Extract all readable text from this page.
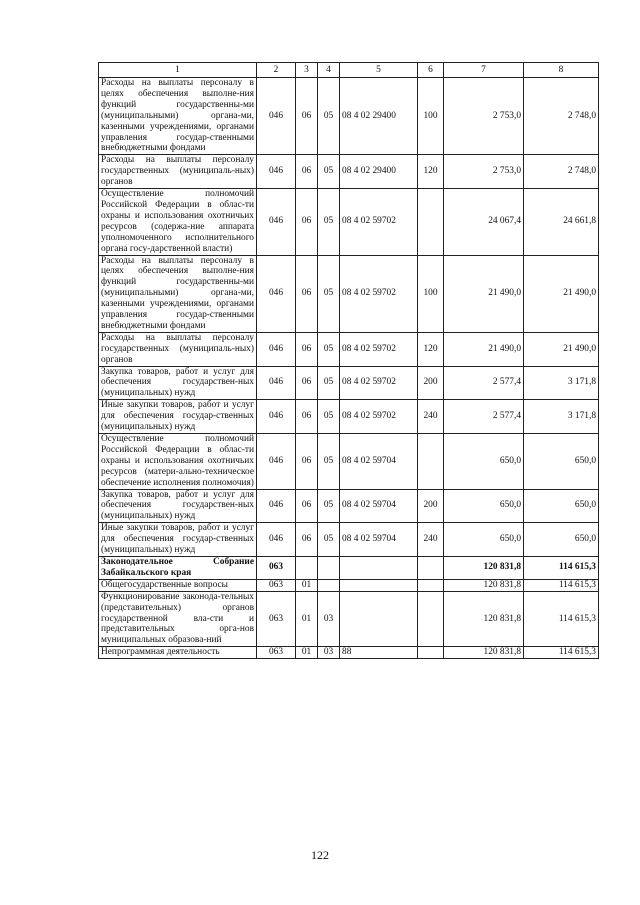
1	2	3	4	5	6	7	8
Расходы на выплаты персоналу в целях обеспечения выполне-ния функций государственны-ми (муниципальными) органа-ми, казенными учреждениями, органами управления государ-ственными внебюджетными фондами	046	06	05	08 4 02 29400	100	2 753,0	2 748,0
Расходы на выплаты персоналу государственных (муниципаль-ных) органов	046	06	05	08 4 02 29400	120	2 753,0	2 748,0
Осуществление полномочий Российской Федерации в облас-ти охраны и использования охотничьих ресурсов (содержа-ние аппарата уполномоченного исполнительного органа госу-дарственной власти)	046	06	05	08 4 02 59702		24 067,4	24 661,8
Расходы на выплаты персоналу в целях обеспечения выполне-ния функций государственны-ми (муниципальными) органа-ми, казенными учреждениями, органами управления государ-ственными внебюджетными фондами	046	06	05	08 4 02 59702	100	21 490,0	21 490,0
Расходы на выплаты персоналу государственных (муниципаль-ных) органов	046	06	05	08 4 02 59702	120	21 490,0	21 490,0
Закупка товаров, работ и услуг для обеспечения государствен-ных (муниципальных) нужд	046	06	05	08 4 02 59702	200	2 577,4	3 171,8
Иные закупки товаров, работ и услуг для обеспечения государ-ственных (муниципальных) нужд	046	06	05	08 4 02 59702	240	2 577,4	3 171,8
Осуществление полномочий Российской Федерации в облас-ти охраны и использования охотничьих ресурсов (матери-ально-техническое обеспечение исполнения полномочия)	046	06	05	08 4 02 59704		650,0	650,0
Закупка товаров, работ и услуг для обеспечения государствен-ных (муниципальных) нужд	046	06	05	08 4 02 59704	200	650,0	650,0
Иные закупки товаров, работ и услуг для обеспечения государ-ственных (муниципальных) нужд	046	06	05	08 4 02 59704	240	650,0	650,0
Законодательное Собрание Забайкальского края	063					120 831,8	114 615,3
Общегосударственные вопросы	063	01				120 831,8	114 615,3
Функционирование законода-тельных (представительных) органов государственной вла-сти и представительных орга-нов муниципальных образова-ний	063	01	03			120 831,8	114 615,3
Непрограммная деятельность	063	01	03	88		120 831,8	114 615,3
122
